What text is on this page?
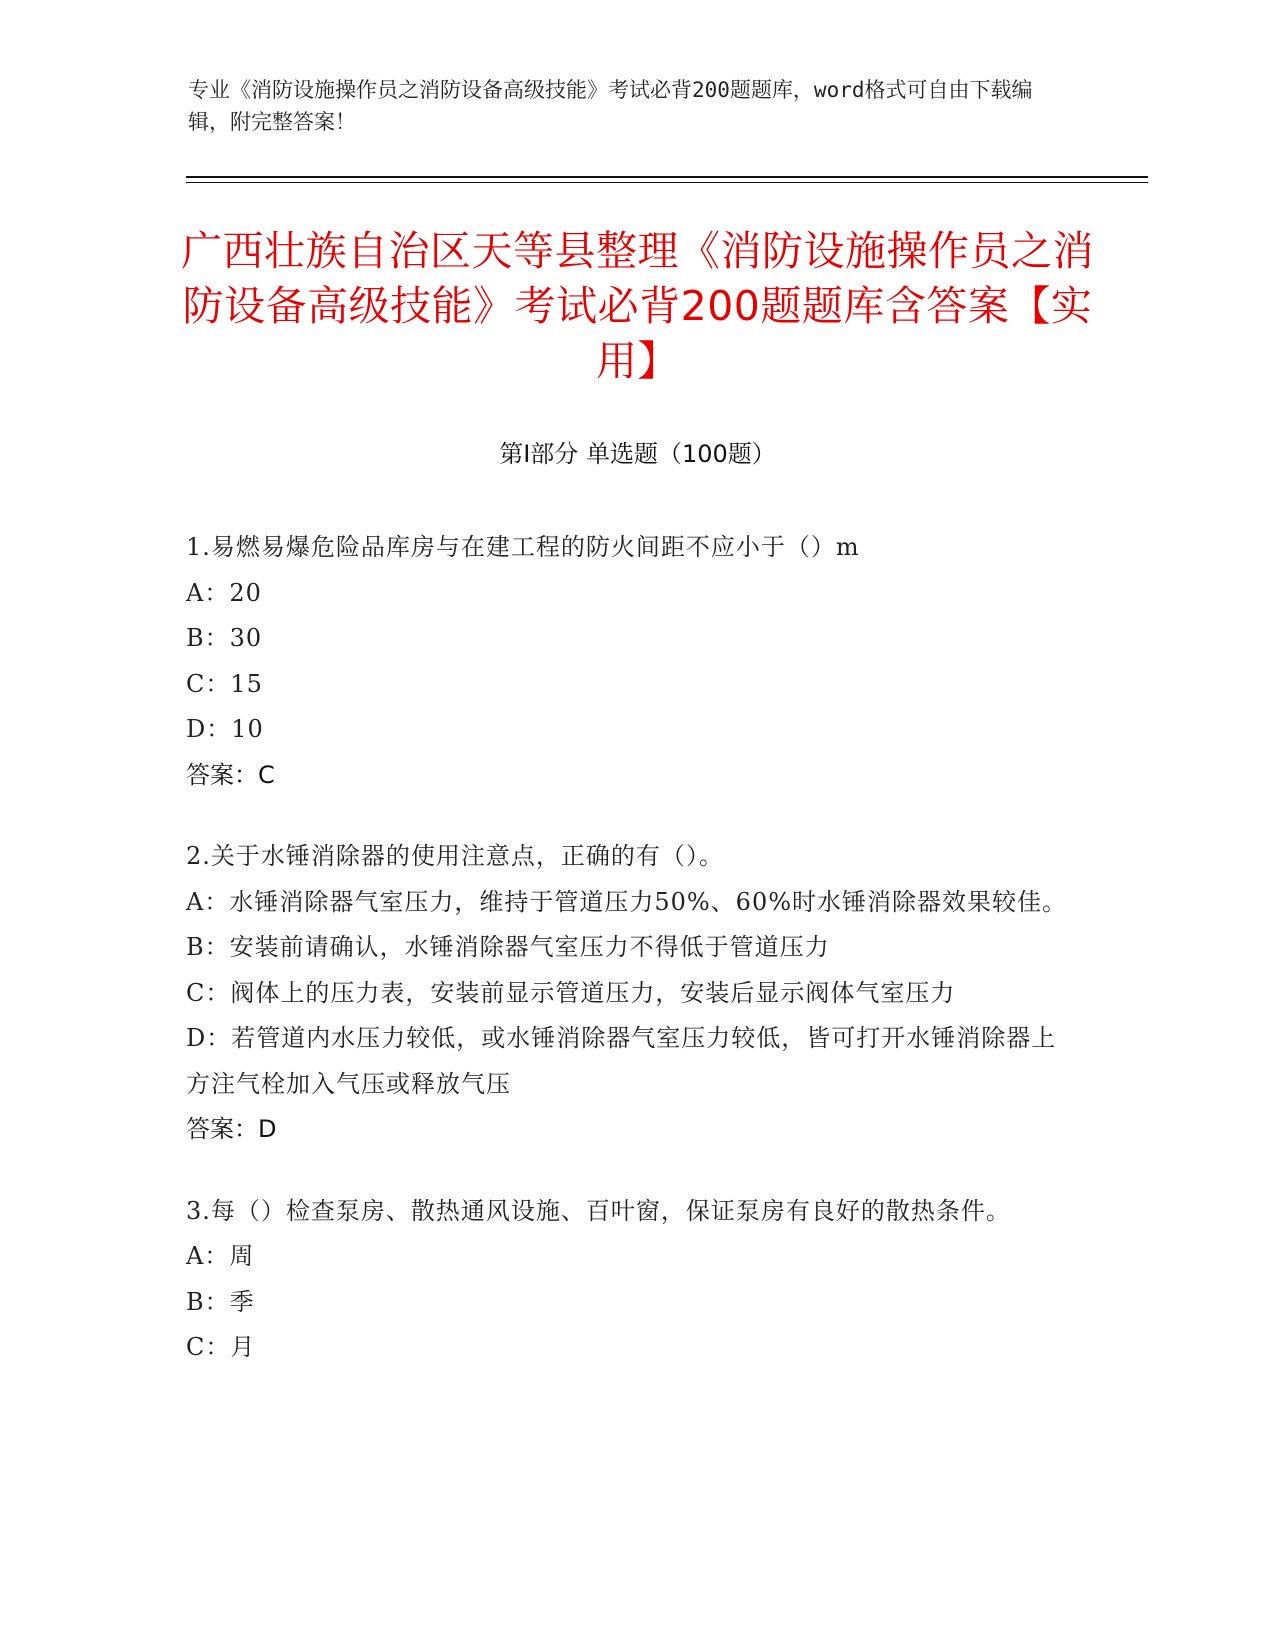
专业《消防设施操作员之消防设备高级技能》考试必背200题题库，word格式可自由下载编辑，附完整答案！
广西壮族自治区天等县整理《消防设施操作员之消防设备高级技能》考试必背200题题库含答案【实用】
第Ⅰ部分 单选题（100题）
1.易燃易爆危险品库房与在建工程的防火间距不应小于（）m
A：20
B：30
C：15
D：10
答案：C
2.关于水锤消除器的使用注意点，正确的有（）。
A：水锤消除器气室压力，维持于管道压力50%、60%时水锤消除器效果较佳。
B：安装前请确认，水锤消除器气室压力不得低于管道压力
C：阀体上的压力表，安装前显示管道压力，安装后显示阀体气室压力
D：若管道内水压力较低，或水锤消除器气室压力较低，皆可打开水锤消除器上方注气栓加入气压或释放气压
答案：D
3.每（）检查泵房、散热通风设施、百叶窗，保证泵房有良好的散热条件。
A：周
B：季
C：月
